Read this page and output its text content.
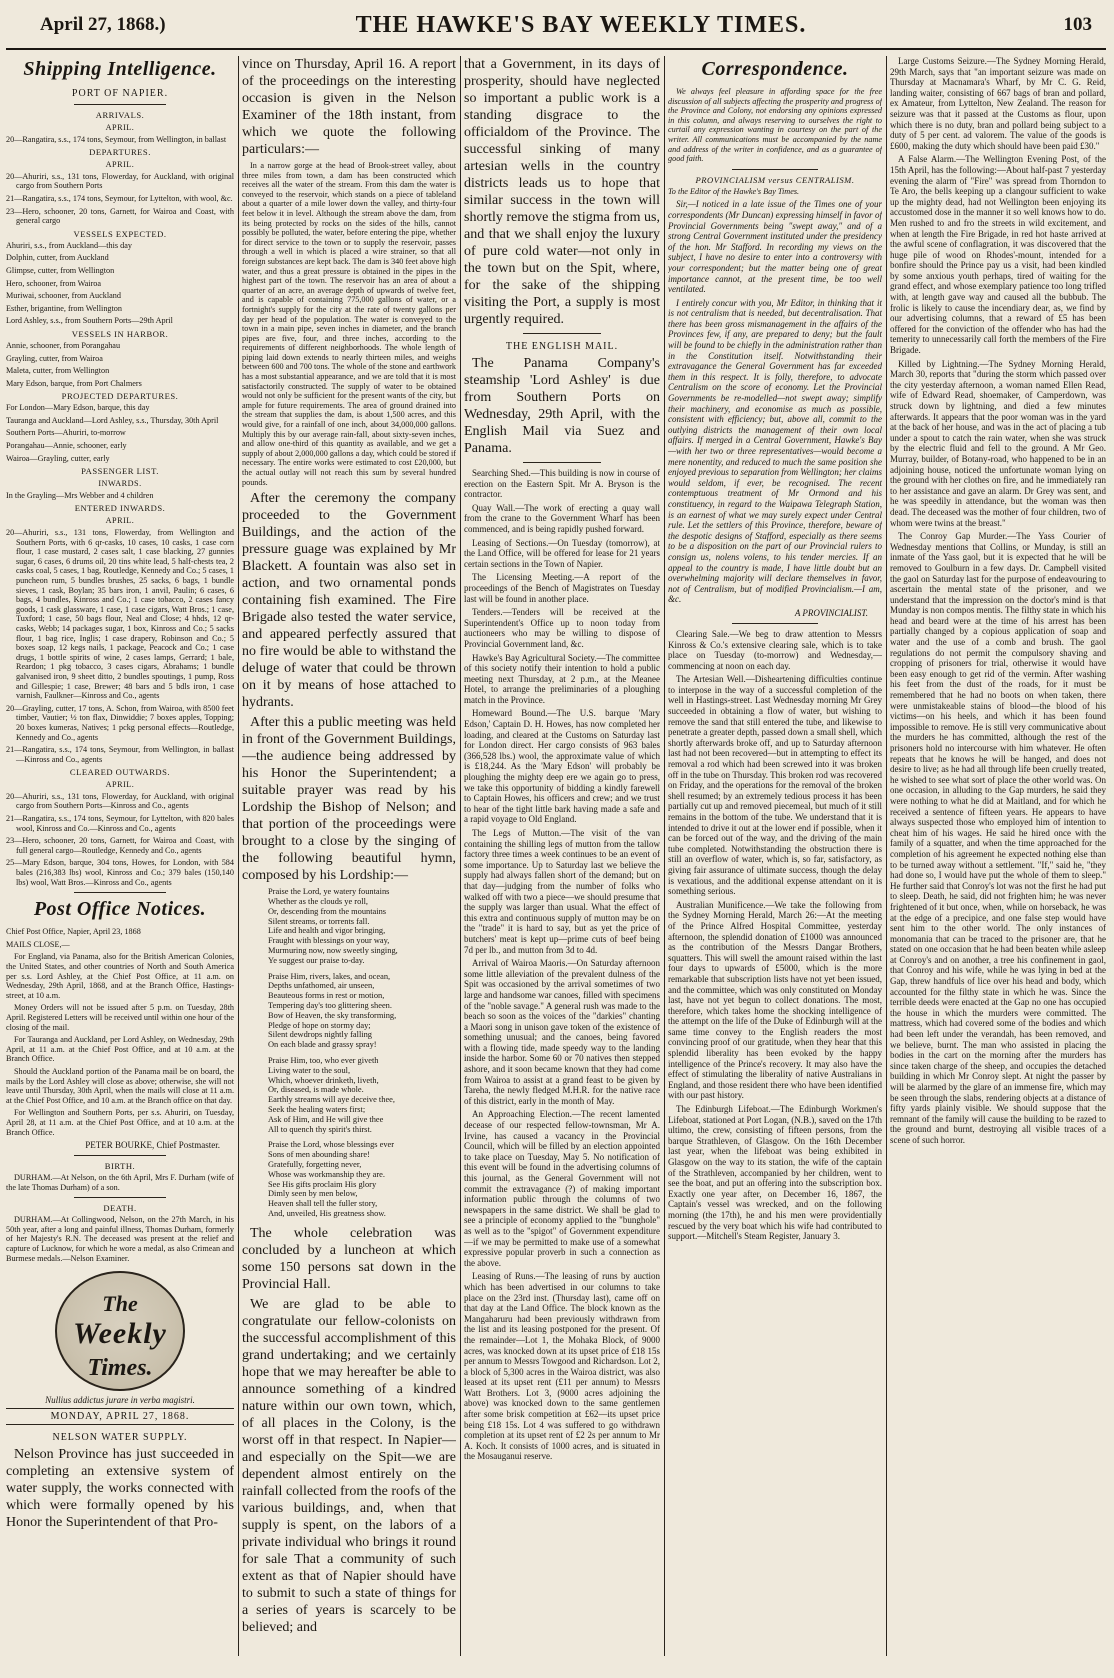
April 27, 1868.)	THE HAWKE'S BAY WEEKLY TIMES.	103
Shipping Intelligence.
PORT OF NAPIER.
ARRIVALS.
APRIL.

20—Rangatira, s.s., 174 tons, Seymour, from Wellington, in ballast

DEPARTURES.
APRIL.

20—Ahuriri, s.s., 131 tons, Flowerday, for Auckland, with original cargo from Southern Ports

21—Rangatira, s.s., 174 tons, Seymour, for Lyttelton, with wool, &c.

23—Hero, schooner, 20 tons, Garnett, for Wairoa and Coast, with general cargo

VESSELS EXPECTED.

Ahuriri, s.s., from Auckland—this day

Dolphin, cutter, from Auckland

Glimpse, cutter, from Wellington

Hero, schooner, from Wairoa

Muriwai, schooner, from Auckland

Esther, brigantine, from Wellington

Lord Ashley, s.s., from Southern Ports—29th April

VESSELS IN HARBOR.

Annie, schooner, from Porangahau

Grayling, cutter, from Wairoa

Maleta, cutter, from Wellington

Mary Edson, barque, from Port Chalmers

PROJECTED DEPARTURES.

For London—Mary Edson, barque, this day

Tauranga and Auckland—Lord Ashley, s.s., Thursday, 30th April

Southern Ports—Ahuriri, to-morrow

Porangahau—Annie, schooner, early

Wairoa—Grayling, cutter, early

PASSENGER LIST.
INWARDS.

In the Grayling—Mrs Webber and 4 children

ENTERED INWARDS.
APRIL.

20—Ahuriri, s.s., 131 tons, Flowerday, from Wellington and Southern Ports, with 6 qr-casks, 10 cases, 10 casks, 1 case corn flour, 1 case mustard, 2 cases salt, 1 case blacking, 27 gunnies sugar, 6 cases, 6 drums oil, 20 tins white lead, 5 half-chests tea, 2 casks coal, 5 cases, 1 bag, Routledge, Kennedy and Co.; 5 cases, 1 puncheon rum, 5 bundles brushes, 25 sacks, 6 bags, 1 bundle sieves, 1 cask, Boylan; 35 bars iron, 1 anvil, Paulin; 6 cases, 6 bags, 4 bundles, Kinross and Co.; 1 case tobacco, 2 cases fancy goods, 1 cask glassware, 1 case, 1 case cigars, Watt Bros.; 1 case, Tuxford; 1 case, 50 bags flour, Neal and Close; 4 hhds, 12 qr-casks, Webb; 14 packages sugar, 1 box, Kinross and Co.; 5 sacks flour, 1 bag rice, Inglis; 1 case drapery, Robinson and Co.; 5 boxes soap, 12 kegs nails, 1 package, Peacock and Co.; 1 case drugs, 1 bottle spirits of wine, 2 cases lamps, Gerrard; 1 bale, Reardon; 1 pkg tobacco, 3 cases cigars, Abrahams; 1 bundle galvanised iron, 9 sheet ditto, 2 bundles spoutings, 1 pump, Ross and Gillespie; 1 case, Brewer; 48 bars and 5 bdls iron, 1 case varnish, Faulkner—Kinross and Co., agents

20—Grayling, cutter, 17 tons, A. Schon, from Wairoa, with 8500 feet timber, Vautier; ½ ton flax, Dinwiddie; 7 boxes apples, Topping; 20 boxes kumeras, Natives; 1 pckg personal effects—Routledge, Kennedy and Co., agents

21—Rangatira, s.s., 174 tons, Seymour, from Wellington, in ballast—Kinross and Co., agents

CLEARED OUTWARDS.
APRIL.

20—Ahuriri, s.s., 131 tons, Flowerday, for Auckland, with original cargo from Southern Ports—Kinross and Co., agents

21—Rangatira, s.s., 174 tons, Seymour, for Lyttelton, with 820 bales wool, Kinross and Co.—Kinross and Co., agents

23—Hero, schooner, 20 tons, Garnett, for Wairoa and Coast, with full general cargo—Routledge, Kennedy and Co., agents

25—Mary Edson, barque, 304 tons, Howes, for London, with 584 bales (216,383 lbs) wool, Kinross and Co.; 379 bales (150,140 lbs) wool, Watt Bros.—Kinross and Co., agents

Post Office Notices.

Chief Post Office, Napier, April 23, 1868

MAILS CLOSE,—

For England, via Panama, also for the British American Colonies, the United States, and other countries of North and South America per s.s. Lord Ashley, at the Chief Post Office, at 11 a.m. on Wednesday, 29th April, 1868, and at the Branch Office, Hastings-street, at 10 a.m.

Money Orders will not be issued after 5 p.m. on Tuesday, 28th April. Registered Letters will be received until within one hour of the closing of the mail.

For Tauranga and Auckland, per Lord Ashley, on Wednesday, 29th April, at 11 a.m. at the Chief Post Office, and at 10 a.m. at the Branch Office.

Should the Auckland portion of the Panama mail be on board, the mails by the Lord Ashley will close as above; otherwise, she will not leave until Thursday, 30th April, when the mails will close at 11 a.m. at the Chief Post Office, and 10 a.m. at the Branch office on that day.

For Wellington and Southern Ports, per s.s. Ahuriri, on Tuesday, April 28, at 11 a.m. at the Chief Post Office, and at 10 a.m. at the Branch Office.

PETER BOURKE, Chief Postmaster.
BIRTH.

DURHAM.—At Nelson, on the 6th April, Mrs F. Durham (wife of the late Thomas Durham) of a son.

DEATH.

DURHAM.—At Collingwood, Nelson, on the 27th March, in his 50th year, after a long and painful illness, Thomas Durham, formerly of her Majesty's R.N. The deceased was present at the relief and capture of Lucknow, for which he wore a medal, as also Crimean and Burmese medals.—Nelson Examiner.

The
Weekly
Times.
Nullius addictus jurare in verba magistri.
MONDAY, APRIL 27, 1868.
NELSON WATER SUPPLY.

Nelson Province has just succeeded in completing an extensive system of water supply, the works connected with which were formally opened by his Honor the Superintendent of that Pro-

vince on Thursday, April 16. A report of the proceedings on the interesting occasion is given in the Nelson Examiner of the 18th instant, from which we quote the following particulars:—

In a narrow gorge at the head of Brook-street valley, about three miles from town, a dam has been constructed which receives all the water of the stream. From this dam the water is conveyed to the reservoir, which stands on a piece of tableland about a quarter of a mile lower down the valley, and thirty-four feet below it in level. Although the stream above the dam, from its being protected by rocks on the sides of the hills, cannot possibly be polluted, the water, before entering the pipe, whether for direct service to the town or to supply the reservoir, passes through a well in which is placed a wire strainer, so that all foreign substances are kept back. The dam is 340 feet above high water, and thus a great pressure is obtained in the pipes in the highest part of the town. The reservoir has an area of about a quarter of an acre, an average depth of upwards of twelve feet, and is capable of containing 775,000 gallons of water, or a fortnight's supply for the city at the rate of twenty gallons per day per head of the population. The water is conveyed to the town in a main pipe, seven inches in diameter, and the branch pipes are five, four, and three inches, according to the requirements of different neighborhoods. The whole length of piping laid down extends to nearly thirteen miles, and weighs between 600 and 700 tons. The whole of the stone and earthwork has a most substantial appearance, and we are told that it is most satisfactorily constructed. The supply of water to be obtained would not only be sufficient for the present wants of the city, but ample for future requirements. The area of ground drained into the stream that supplies the dam, is about 1,500 acres, and this would give, for a rainfall of one inch, about 34,000,000 gallons. Multiply this by our average rain-fall, about sixty-seven inches, and allow one-third of this quantity as available, and we get a supply of about 2,000,000 gallons a day, which could be stored if necessary. The entire works were estimated to cost £20,000, but the actual outlay will not reach this sum by several hundred pounds.

After the ceremony the company proceeded to the Government Buildings, and the action of the pressure guage was explained by Mr Blackett. A fountain was also set in action, and two ornamental ponds containing fish examined. The Fire Brigade also tested the water service, and appeared perfectly assured that no fire would be able to withstand the deluge of water that could be thrown on it by means of hose attached to hydrants.

After this a public meeting was held in front of the Government Buildings,—the audience being addressed by his Honor the Superintendent; a suitable prayer was read by his Lordship the Bishop of Nelson; and that portion of the proceedings were brought to a close by the singing of the following beautiful hymn, composed by his Lordship:—

Praise the Lord, ye watery fountains
Whether as the clouds ye roll,
Or, descending from the mountains
Silent streams, or torrents fall.
Life and health and vigor bringing,
Fraught with blessings on your way,
Murmuring now, now sweetly singing,
Ye suggest our praise to-day.
Praise Him, rivers, lakes, and ocean,
Depths unfathomed, air unseen,
Beauteous forms in rest or motion,
Tempering day's too glittering sheen.
Bow of Heaven, the sky transforming,
Pledge of hope on stormy day;
Silent dewdrops nightly falling
On each blade and grassy spray!
Praise Him, too, who ever giveth
Living water to the soul,
Which, whoever drinketh, liveth,
Or, diseased, is made whole.
Earthly streams will aye deceive thee,
Seek the healing waters first;
Ask of Him, and He will give thee
All to quench thy spirit's thirst.
Praise the Lord, whose blessings ever
Sons of men abounding share!
Gratefully, forgetting never,
Whose was workmanship they are.
See His gifts proclaim His glory
Dimly seen by men below,
Heaven shall tell the fuller story,
And, unveiled, His greatness show.

The whole celebration was concluded by a luncheon at which some 150 persons sat down in the Provincial Hall.

We are glad to be able to congratulate our fellow-colonists on the successful accomplishment of this grand undertaking; and we certainly hope that we may hereafter be able to announce something of a kindred nature within our own town, which, of all places in the Colony, is the worst off in that respect. In Napier—and especially on the Spit—we are dependent almost entirely on the rainfall collected from the roofs of the various buildings, and, when that supply is spent, on the labors of a private individual who brings it round for sale That a community of such extent as that of Napier should have to submit to such a state of things for a series of years is scarcely to be believed; and

that a Government, in its days of prosperity, should have neglected so important a public work is a standing disgrace to the officialdom of the Province. The successful sinking of many artesian wells in the country districts leads us to hope that similar success in the town will shortly remove the stigma from us, and that we shall enjoy the luxury of pure cold water—not only in the town but on the Spit, where, for the sake of the shipping visiting the Port, a supply is most urgently required.

THE ENGLISH MAIL.

The Panama Company's steamship 'Lord Ashley' is due from Southern Ports on Wednesday, 29th April, with the English Mail via Suez and Panama.

Searching Shed.—This building is now in course of erection on the Eastern Spit. Mr A. Bryson is the contractor.

Quay Wall.—The work of erecting a quay wall from the crane to the Government Wharf has been commenced, and is being rapidly pushed forward.

Leasing of Sections.—On Tuesday (tomorrow), at the Land Office, will be offered for lease for 21 years certain sections in the Town of Napier.

The Licensing Meeting.—A report of the proceedings of the Bench of Magistrates on Tuesday last will be found in another place.

Tenders.—Tenders will be received at the Superintendent's Office up to noon today from auctioneers who may be willing to dispose of Provincial Government land, &c.

Hawke's Bay Agricultural Society.—The committee of this society notify their intention to hold a public meeting next Thursday, at 2 p.m., at the Meanee Hotel, to arrange the preliminaries of a ploughing match in the Province.

Homeward Bound.—The U.S. barque 'Mary Edson,' Captain D. H. Howes, has now completed her loading, and cleared at the Customs on Saturday last for London direct. Her cargo consists of 963 bales (366,528 lbs.) wool, the approximate value of which is £18,244. As the 'Mary Edson' will probably be ploughing the mighty deep ere we again go to press, we take this opportunity of bidding a kindly farewell to Captain Howes, his officers and crew; and we trust to hear of the tight little bark having made a safe and a rapid voyage to Old England.

The Legs of Mutton.—The visit of the van containing the shilling legs of mutton from the tallow factory three times a week continues to be an event of some importance. Up to Saturday last we believe the supply had always fallen short of the demand; but on that day—judging from the number of folks who walked off with two a piece—we should presume that the supply was larger than usual. What the effect of this extra and continuous supply of mutton may be on the "trade" it is hard to say, but as yet the price of butchers' meat is kept up—prime cuts of beef being 7d per lb., and mutton from 3d to 4d.

Arrival of Wairoa Maoris.—On Saturday afternoon some little alleviation of the prevalent dulness of the Spit was occasioned by the arrival sometimes of two large and handsome war canoes, filled with specimens of the "noble savage." A general rush was made to the beach so soon as the voices of the "darkies" chanting a Maori song in unison gave token of the existence of something unusual; and the canoes, being favored with a flowing tide, made speedy way to the landing inside the harbor. Some 60 or 70 natives then stepped ashore, and it soon became known that they had come from Wairoa to assist at a grand feast to be given by Tareha, the newly fledged M.H.R. for the native race of this district, early in the month of May.

An Approaching Election.—The recent lamented decease of our respected fellow-townsman, Mr A. Irvine, has caused a vacancy in the Provincial Council, which will be filled by an election appointed to take place on Tuesday, May 5. No notification of this event will be found in the advertising columns of this journal, as the General Government will not commit the extravagance (?) of making important information public through the columns of two newspapers in the same district. We shall be glad to see a principle of economy applied to the "bunghole" as well as to the "spigot" of Government expenditure—if we may be permitted to make use of a somewhat expressive popular proverb in such a connection as the above.

Leasing of Runs.—The leasing of runs by auction which has been advertised in our columns to take place on the 23rd inst. (Thursday last), came off on that day at the Land Office. The block known as the Mangaharuru had been previously withdrawn from the list and its leasing postponed for the present. Of the remainder—Lot 1, the Mohaka Block, of 9000 acres, was knocked down at its upset price of £18 15s per annum to Messrs Towgood and Richardson. Lot 2, a block of 5,300 acres in the Wairoa district, was also leased at its upset rent (£11 per annum) to Messrs Watt Brothers. Lot 3, (9000 acres adjoining the above) was knocked down to the same gentlemen after some brisk competition at £62—its upset price being £18 15s. Lot 4 was suffered to go withdrawn completion at its upset rent of £2 2s per annum to Mr A. Koch. It consists of 1000 acres, and is situated in the Mosauganui reserve.

Correspondence.

We always feel pleasure in affording space for the free discussion of all subjects affecting the prosperity and progress of the Province and Colony, not endorsing any opinions expressed in this column, and always reserving to ourselves the right to curtail any expression wanting in courtesy on the part of the writer. All communications must be accompanied by the name and address of the writer in confidence, and as a guarantee of good faith.

PROVINCIALISM versus CENTRALISM.

To the Editor of the Hawke's Bay Times.

Sir,—I noticed in a late issue of the Times one of your correspondents (Mr Duncan) expressing himself in favor of Provincial Governments being "swept away," and of a strong Central Government instituted under the presidency of the hon. Mr Stafford. In recording my views on the subject, I have no desire to enter into a controversy with your correspondent; but the matter being one of great importance cannot, at the present time, be too well ventilated.

I entirely concur with you, Mr Editor, in thinking that it is not centralism that is needed, but decentralisation. That there has been gross mismanagement in the affairs of the Provinces few, if any, are prepared to deny; but the fault will be found to be chiefly in the administration rather than in the Constitution itself. Notwithstanding their extravagance the General Government has far exceeded them in this respect. It is folly, therefore, to advocate Centralism on the score of economy. Let the Provincial Governments be re-modelled—not swept away; simplify their machinery, and economise as much as possible, consistent with efficiency; but, above all, commit to the outlying districts the management of their own local affairs. If merged in a Central Government, Hawke's Bay—with her two or three representatives—would become a mere nonentity, and reduced to much the same position she enjoyed previous to separation from Wellington; her claims would seldom, if ever, be recognised. The recent contemptuous treatment of Mr Ormond and his constituency, in regard to the Waipawa Telegraph Station, is an earnest of what we may surely expect under Central rule. Let the settlers of this Province, therefore, beware of the despotic designs of Stafford, especially as there seems to be a disposition on the part of our Provincial rulers to consign us, nolens volens, to his tender mercies. If an appeal to the country is made, I have little doubt but an overwhelming majority will declare themselves in favor, not of Centralism, but of modified Provincialism.—I am, &c.

A PROVINCIALIST.

Clearing Sale.—We beg to draw attention to Messrs Kinross & Co.'s extensive clearing sale, which is to take place on Tuesday (to-morrow) and Wednesday,—commencing at noon on each day.

The Artesian Well.—Disheartening difficulties continue to interpose in the way of a successful completion of the well in Hastings-street. Last Wednesday morning Mr Grey succeeded in obtaining a flow of water, but wishing to remove the sand that still entered the tube, and likewise to penetrate a greater depth, passed down a small shell, which shortly afterwards broke off, and up to Saturday afternoon last had not been recovered—but in attempting to effect its removal a rod which had been screwed into it was broken off in the tube on Thursday. This broken rod was recovered on Friday, and the operations for the removal of the broken shell resumed; by an extremely tedious process it has been partially cut up and removed piecemeal, but much of it still remains in the bottom of the tube. We understand that it is intended to drive it out at the lower end if possible, when it can be forced out of the way, and the driving of the main tube completed. Notwithstanding the obstruction there is still an overflow of water, which is, so far, satisfactory, as giving fair assurance of ultimate success, though the delay is vexatious, and the additional expense attendant on it is something serious.

Australian Munificence.—We take the following from the Sydney Morning Herald, March 26:—At the meeting of the Prince Alfred Hospital Committee, yesterday afternoon, the splendid donation of £1000 was announced as the contribution of the Messrs Dangar Brothers, squatters. This will swell the amount raised within the last four days to upwards of £5000, which is the more remarkable that subscription lists have not yet been issued, and the committee, which was only constituted on Monday last, have not yet begun to collect donations. The most, therefore, which takes home the shocking intelligence of the attempt on the life of the Duke of Edinburgh will at the same time convey to the English readers the most convincing proof of our gratitude, when they hear that this splendid liberality has been evoked by the happy intelligence of the Prince's recovery. It may also have the effect of stimulating the liberality of native Australians in England, and those resident there who have been identified with our past history.

The Edinburgh Lifeboat.—The Edinburgh Workmen's Lifeboat, stationed at Port Logan, (N.B.), saved on the 17th ultimo, the crew, consisting of fifteen persons, from the barque Strathleven, of Glasgow. On the 16th December last year, when the lifeboat was being exhibited in Glasgow on the way to its station, the wife of the captain of the Strathleven, accompanied by her children, went to see the boat, and put an offering into the subscription box. Exactly one year after, on December 16, 1867, the Captain's vessel was wrecked, and on the following morning (the 17th), he and his men were providentially rescued by the very boat which his wife had contributed to support.—Mitchell's Steam Register, January 3.

Large Customs Seizure.—The Sydney Morning Herald, 29th March, says that "an important seizure was made on Thursday at Macnamara's Wharf, by Mr C. G. Reid, landing waiter, consisting of 667 bags of bran and pollard, ex Amateur, from Lyttelton, New Zealand. The reason for seizure was that it passed at the Customs as flour, upon which there is no duty, bran and pollard being subject to a duty of 5 per cent. ad valorem. The value of the goods is £600, making the duty which should have been paid £30."

A False Alarm.—The Wellington Evening Post, of the 15th April, has the following:—About half-past 7 yesterday evening the alarm of "Fire" was spread from Thorndon to Te Aro, the bells keeping up a clangour sufficient to wake up the mighty dead, had not Wellington been enjoying its accustomed dose in the manner it so well knows how to do. Men rushed to and fro the streets in wild excitement, and when at length the Fire Brigade, in red hot haste arrived at the awful scene of conflagration, it was discovered that the huge pile of wood on Rhodes'-mount, intended for a bonfire should the Prince pay us a visit, had been kindled by some anxious youth perhaps, tired of waiting for the grand effect, and whose exemplary patience too long trifled with, at length gave way and caused all the bubbub. The frolic is likely to cause the incendiary dear, as, we find by our advertising columns, that a reward of £5 has been offered for the conviction of the offender who has had the temerity to unnecessarily call forth the members of the Fire Brigade.

Killed by Lightning.—The Sydney Morning Herald, March 30, reports that "during the storm which passed over the city yesterday afternoon, a woman named Ellen Read, wife of Edward Read, shoemaker, of Camperdown, was struck down by lightning, and died a few minutes afterwards. It appears that the poor woman was in the yard at the back of her house, and was in the act of placing a tub under a spout to catch the rain water, when she was struck by the electric fluid and fell to the ground. A Mr Geo. Murray, builder, of Botany-road, who happened to be in an adjoining house, noticed the unfortunate woman lying on the ground with her clothes on fire, and he immediately ran to her assistance and gave an alarm. Dr Grey was sent, and he was speedily in attendance, but the woman was then dead. The deceased was the mother of four children, two of whom were twins at the breast."

The Conroy Gap Murder.—The Yass Courier of Wednesday mentions that Collins, or Munday, is still an inmate of the Yass gaol, but it is expected that he will be removed to Goulburn in a few days. Dr. Campbell visited the gaol on Saturday last for the purpose of endeavouring to ascertain the mental state of the prisoner, and we understand that the impression on the doctor's mind is that Munday is non compos mentis. The filthy state in which his head and beard were at the time of his arrest has been partially changed by a copious application of soap and water and the use of a comb and brush. The gaol regulations do not permit the compulsory shaving and cropping of prisoners for trial, otherwise it would have been easy enough to get rid of the vermin. After washing his feet from the dust of the roads, for it must be remembered that he had no boots on when taken, there were unmistakeable stains of blood—the blood of his victims—on his heels, and which it has been found impossible to remove. He is still very communicative about the murders he has committed, although the rest of the prisoners hold no intercourse with him whatever. He often repeats that he knows he will be hanged, and does not desire to live; as he had all through life been cruelly treated, he wished to see what sort of place the other world was. On one occasion, in alluding to the Gap murders, he said they were nothing to what he did at Maitland, and for which he received a sentence of fifteen years. He appears to have always suspected those who employed him of intention to cheat him of his wages. He said he hired once with the family of a squatter, and when the time approached for the completion of his agreement he expected nothing else than to be turned away without a settlement. "If," said he, "they had done so, I would have put the whole of them to sleep." He further said that Conroy's lot was not the first he had put to sleep. Death, he said, did not frighten him; he was never frightened of it but once, when, while on horseback, he was at the edge of a precipice, and one false step would have sent him to the other world. The only instances of monomania that can be traced to the prisoner are, that he stated on one occasion that he had been beaten while asleep at Conroy's and on another, a tree his confinement in gaol, that Conroy and his wife, while he was lying in bed at the Gap, threw handfuls of lice over his head and body, which accounted for the filthy state in which he was. Since the terrible deeds were enacted at the Gap no one has occupied the house in which the murders were committed. The mattress, which had covered some of the bodies and which had been left under the verandah, has been removed, and we believe, burnt. The man who assisted in placing the bodies in the cart on the morning after the murders has since taken charge of the sheep, and occupies the detached building in which Mr Conroy slept. At night the passer by will be alarmed by the glare of an immense fire, which may be seen through the slabs, rendering objects at a distance of fifty yards plainly visible. We should suppose that the remnant of the family will cause the building to be razed to the ground and burnt, destroying all visible traces of a scene of such horror.
